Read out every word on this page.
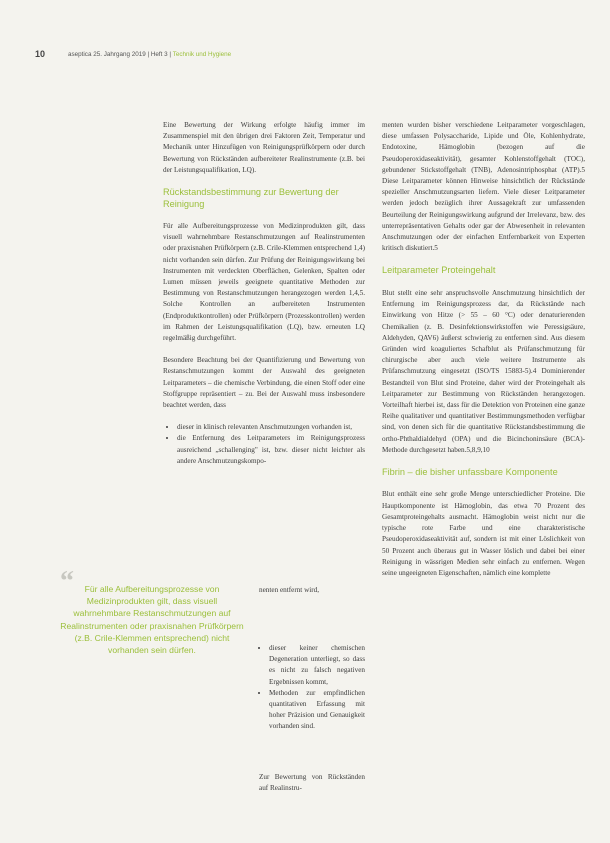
10	aseptica 25. Jahrgang 2019 | Heft 3 | Technik und Hygiene

Eine Bewertung der Wirkung erfolgte häufig immer im Zusammenspiel mit den übrigen drei Faktoren Zeit, Temperatur und Mechanik unter Hinzufügen von Reinigungsprüfkörpern oder durch Bewertung von Rückständen aufbereiteter Realinstrumente (z.B. bei der Leistungsqualifikation, LQ).

Rückstandsbestimmung zur Bewertung der Reinigung

Für alle Aufbereitungsprozesse von Medizinprodukten gilt, dass visuell wahrnehmbare Restanschmutzungen auf Realinstrumenten oder praxisnahen Prüfkörpern (z.B. Crile-Klemmen entsprechend 1,4) nicht vorhanden sein dürfen. Zur Prüfung der Reinigungswirkung bei Instrumenten mit verdeckten Oberflächen, Gelenken, Spalten oder Lumen müssen jeweils geeignete quantitative Methoden zur Bestimmung von Restanschmutzungen herangezogen werden 1,4,5. Solche Kontrollen an aufbereiteten Instrumenten (Endproduktkontrollen) oder Prüfkörpern (Prozesskontrollen) werden im Rahmen der Leistungsqualifikation (LQ), bzw. erneuten LQ regelmäßig durchgeführt.

Besondere Beachtung bei der Quantifizierung und Bewertung von Restanschmutzungen kommt der Auswahl des geeigneten Leitparameters – die chemische Verbindung, die einen Stoff oder eine Stoffgruppe repräsentiert – zu. Bei der Auswahl muss insbesondere beachtet werden, dass

• dieser in klinisch relevanten Anschmutzungen vorhanden ist,
• die Entfernung des Leitparameters im Reinigungsprozess ausreichend „schallenging" ist, bzw. dieser nicht leichter als andere Anschmutzungskompo-
“	Für alle Aufbereitungsprozesse von Medizinprodukten gilt, dass visuell wahrnehmbare Restanschmutzungen auf Realinstrumenten oder praxisnahen Prüfkörpern (z.B. Crile-Klemmen entsprechend) nicht vorhanden sein dürfen.

nenten entfernt wird,

• dieser keiner chemischen Degeneration unterliegt, so dass es nicht zu falsch negativen Ergebnissen kommt,
• Methoden zur empfindlichen quantitativen Erfassung mit hoher Präzision und Genauigkeit vorhanden sind.

Zur Bewertung von Rückständen auf Realinstru-

menten wurden bisher verschiedene Leitparameter vorgeschlagen, diese umfassen Polysaccharide, Lipide und Öle, Kohlenhydrate, Endotoxine, Hämoglobin (bezogen auf die Pseudoperoxidaseaktivität), gesamter Kohlenstoffgehalt (TOC), gebundener Stickstoffgehalt (TNB), Adenosintriphosphat (ATP).5 Diese Leitparameter können Hinweise hinsichtlich der Rückstände spezieller Anschmutzungsarten liefern. Viele dieser Leitparameter werden jedoch bezüglich ihrer Aussagekraft zur umfassenden Beurteilung der Reinigungswirkung aufgrund der Irrelevanz, bzw. des unterrepräsentativen Gehalts oder gar der Abwesenheit in relevanten Anschmutzungen oder der einfachen Entfernbarkeit von Experten kritisch diskutiert.5

Leitparameter Proteingehalt

Blut stellt eine sehr anspruchsvolle Anschmutzung hinsichtlich der Entfernung im Reinigungsprozess dar, da Rückstände nach Einwirkung von Hitze (> 55 – 60 °C) oder denaturierenden Chemikalien (z. B. Desinfektionswirkstoffen wie Peressigsäure, Aldehyden, QAV6) äußerst schwierig zu entfernen sind. Aus diesem Gründen wird koaguliertes Schafblut als Prüfanschmutzung für chirurgische aber auch viele weitere Instrumente als Prüfanschmutzung eingesetzt (ISO/TS 15883-5).4 Dominierender Bestandteil von Blut sind Proteine, daher wird der Proteingehalt als Leitparameter zur Bestimmung von Rückständen herangezogen. Vorteilhaft hierbei ist, dass für die Detektion von Proteinen eine ganze Reihe qualitativer und quantitativer Bestimmungsmethoden verfügbar sind, von denen sich für die quantitative Rückstandsbestimmung die ortho-Phthaldialdehyd (OPA) und die Bicinchoninsäure (BCA)-Methode durchgesetzt haben.5,8,9,10

Fibrin – die bisher unfassbare Komponente

Blut enthält eine sehr große Menge unterschiedlicher Proteine. Die Hauptkomponente ist Hämoglobin, das etwa 70 Prozent des Gesamtproteingehalts ausmacht. Hämoglobin weist nicht nur die typische rote Farbe und eine charakteristische Pseudoperoxidaseaktivität auf, sondern ist mit einer Löslichkeit von 50 Prozent auch überaus gut in Wasser löslich und dabei bei einer Reinigung in wässrigen Medien sehr einfach zu entfernen. Wegen seine ungeeigneten Eigenschaften, nämlich eine komplette
